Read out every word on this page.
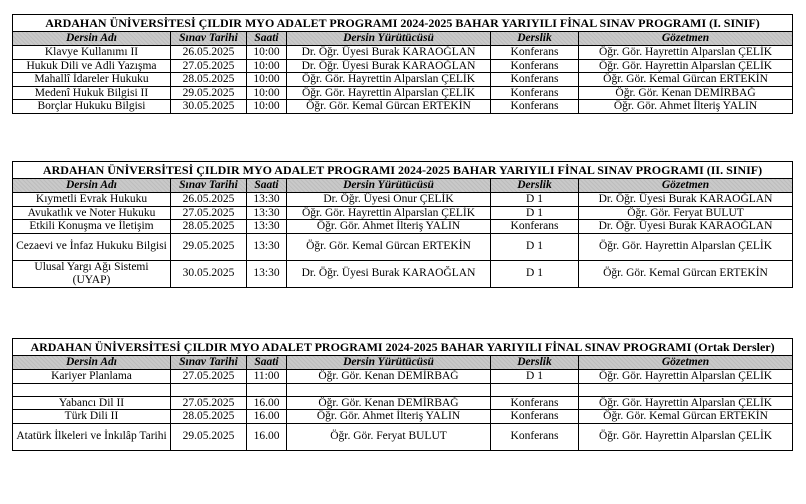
ARDAHAN ÜNİVERSİTESİ ÇILDIR MYO ADALET PROGRAMI 2024-2025 BAHAR YARIYILI FİNAL SINAV PROGRAMI (I. SINIF)					
Dersin Adı	Sınav Tarihi	Saati	Dersin Yürütücüsü	Derslik	Gözetmen
Klavye Kullanımı II	26.05.2025	10:00	Dr. Öğr. Üyesi Burak KARAOĞLAN	Konferans	Öğr. Gör. Hayrettin Alparslan ÇELİK
Hukuk Dili ve Adli Yazışma	27.05.2025	10:00	Dr. Öğr. Üyesi Burak KARAOĞLAN	Konferans	Öğr. Gör. Hayrettin Alparslan ÇELİK
Mahallî İdareler Hukuku	28.05.2025	10:00	Öğr. Gör. Hayrettin Alparslan ÇELİK	Konferans	Öğr. Gör. Kemal Gürcan ERTEKİN
Medenî Hukuk Bilgisi II	29.05.2025	10:00	Öğr. Gör. Hayrettin Alparslan ÇELİK	Konferans	Öğr. Gör. Kenan DEMİRBAĞ
Borçlar Hukuku Bilgisi	30.05.2025	10:00	Öğr. Gör. Kemal Gürcan ERTEKİN	Konferans	Öğr. Gör. Ahmet İlteriş YALIN
ARDAHAN ÜNİVERSİTESİ ÇILDIR MYO ADALET PROGRAMI 2024-2025 BAHAR YARIYILI FİNAL SINAV PROGRAMI (II. SINIF)					
Dersin Adı	Sınav Tarihi	Saati	Dersin Yürütücüsü	Derslik	Gözetmen
Kıymetli Evrak Hukuku	26.05.2025	13:30	Dr. Öğr. Üyesi Onur ÇELİK	D 1	Dr. Öğr. Üyesi Burak KARAOĞLAN
Avukatlık ve Noter Hukuku	27.05.2025	13:30	Öğr. Gör. Hayrettin Alparslan ÇELİK	D 1	Öğr. Gör. Feryat BULUT
Etkili Konuşma ve İletişim	28.05.2025	13:30	Öğr. Gör. Ahmet İlteriş YALIN	Konferans	Dr. Öğr. Üyesi Burak KARAOĞLAN
Cezaevi ve İnfaz Hukuku Bilgisi	29.05.2025	13:30	Öğr. Gör. Kemal Gürcan ERTEKİN	D 1	Öğr. Gör. Hayrettin Alparslan ÇELİK
Ulusal Yargı Ağı Sistemi (UYAP)	30.05.2025	13:30	Dr. Öğr. Üyesi Burak KARAOĞLAN	D 1	Öğr. Gör. Kemal Gürcan ERTEKİN
ARDAHAN ÜNİVERSİTESİ ÇILDIR MYO ADALET PROGRAMI 2024-2025 BAHAR YARIYILI FİNAL SINAV PROGRAMI (Ortak Dersler)					
Dersin Adı	Sınav Tarihi	Saati	Dersin Yürütücüsü	Derslik	Gözetmen
Kariyer Planlama	27.05.2025	11:00	Öğr. Gör. Kenan DEMİRBAĞ	D 1	Öğr. Gör. Hayrettin Alparslan ÇELİK

Yabancı Dil II	27.05.2025	16.00	Öğr. Gör. Kenan DEMİRBAĞ	Konferans	Öğr. Gör. Hayrettin Alparslan ÇELİK
Türk Dili II	28.05.2025	16.00	Öğr. Gör. Ahmet İlteriş YALIN	Konferans	Öğr. Gör. Kemal Gürcan ERTEKİN
Atatürk İlkeleri ve İnkılâp Tarihi	29.05.2025	16.00	Öğr. Gör. Feryat BULUT	Konferans	Öğr. Gör. Hayrettin Alparslan ÇELİK
